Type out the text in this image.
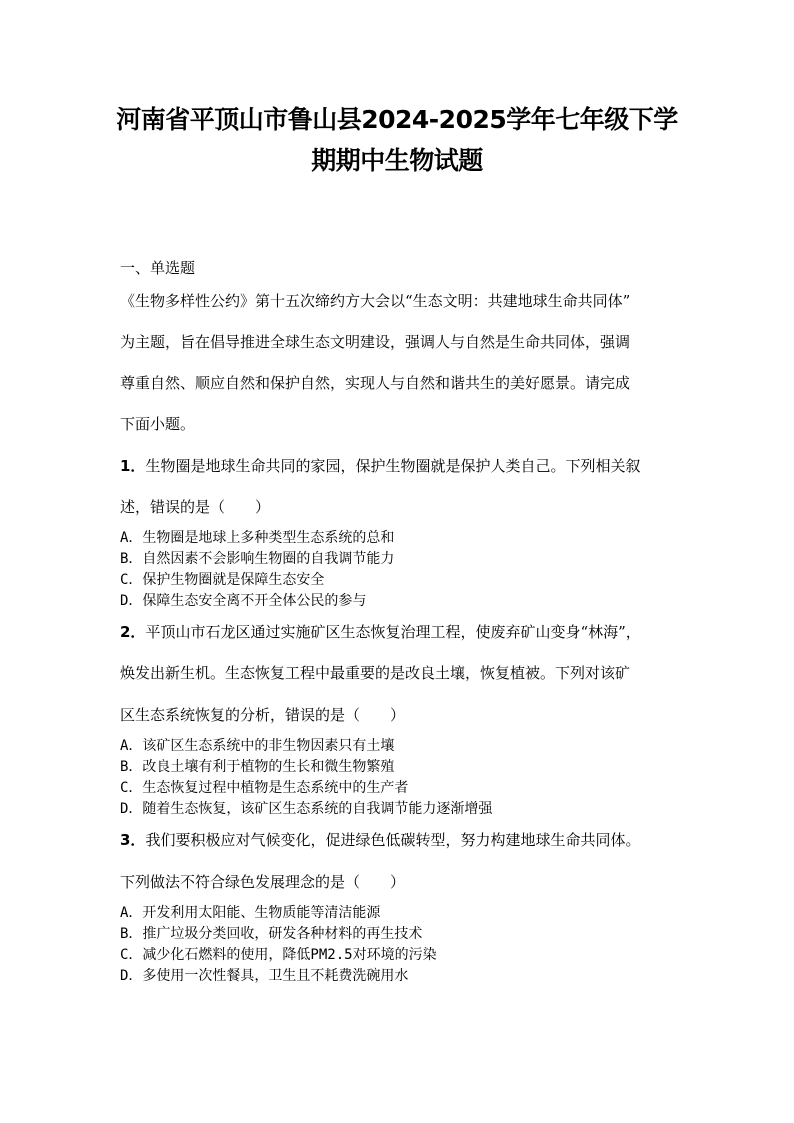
河南省平顶山市鲁山县2024-2025学年七年级下学
期期中生物试题

一、单选题

《生物多样性公约》第十五次缔约方大会以“生态文明：共建地球生命共同体”

为主题，旨在倡导推进全球生态文明建设，强调人与自然是生命共同体，强调

尊重自然、顺应自然和保护自然，实现人与自然和谐共生的美好愿景。请完成

下面小题。

1．生物圈是地球生命共同的家园，保护生物圈就是保护人类自己。下列相关叙

述，错误的是（　　）

A．生物圈是地球上多种类型生态系统的总和

B．自然因素不会影响生物圈的自我调节能力

C．保护生物圈就是保障生态安全

D．保障生态安全离不开全体公民的参与

2．平顶山市石龙区通过实施矿区生态恢复治理工程，使废弃矿山变身“林海”，

焕发出新生机。生态恢复工程中最重要的是改良土壤，恢复植被。下列对该矿

区生态系统恢复的分析，错误的是（　　）

A．该矿区生态系统中的非生物因素只有土壤

B．改良土壤有利于植物的生长和微生物繁殖

C．生态恢复过程中植物是生态系统中的生产者

D．随着生态恢复，该矿区生态系统的自我调节能力逐渐增强

3．我们要积极应对气候变化，促进绿色低碳转型，努力构建地球生命共同体。

下列做法不符合绿色发展理念的是（　　）

A．开发利用太阳能、生物质能等清洁能源

B．推广垃圾分类回收，研发各种材料的再生技术

C．减少化石燃料的使用，降低PM2.5对环境的污染

D．多使用一次性餐具，卫生且不耗费洗碗用水
